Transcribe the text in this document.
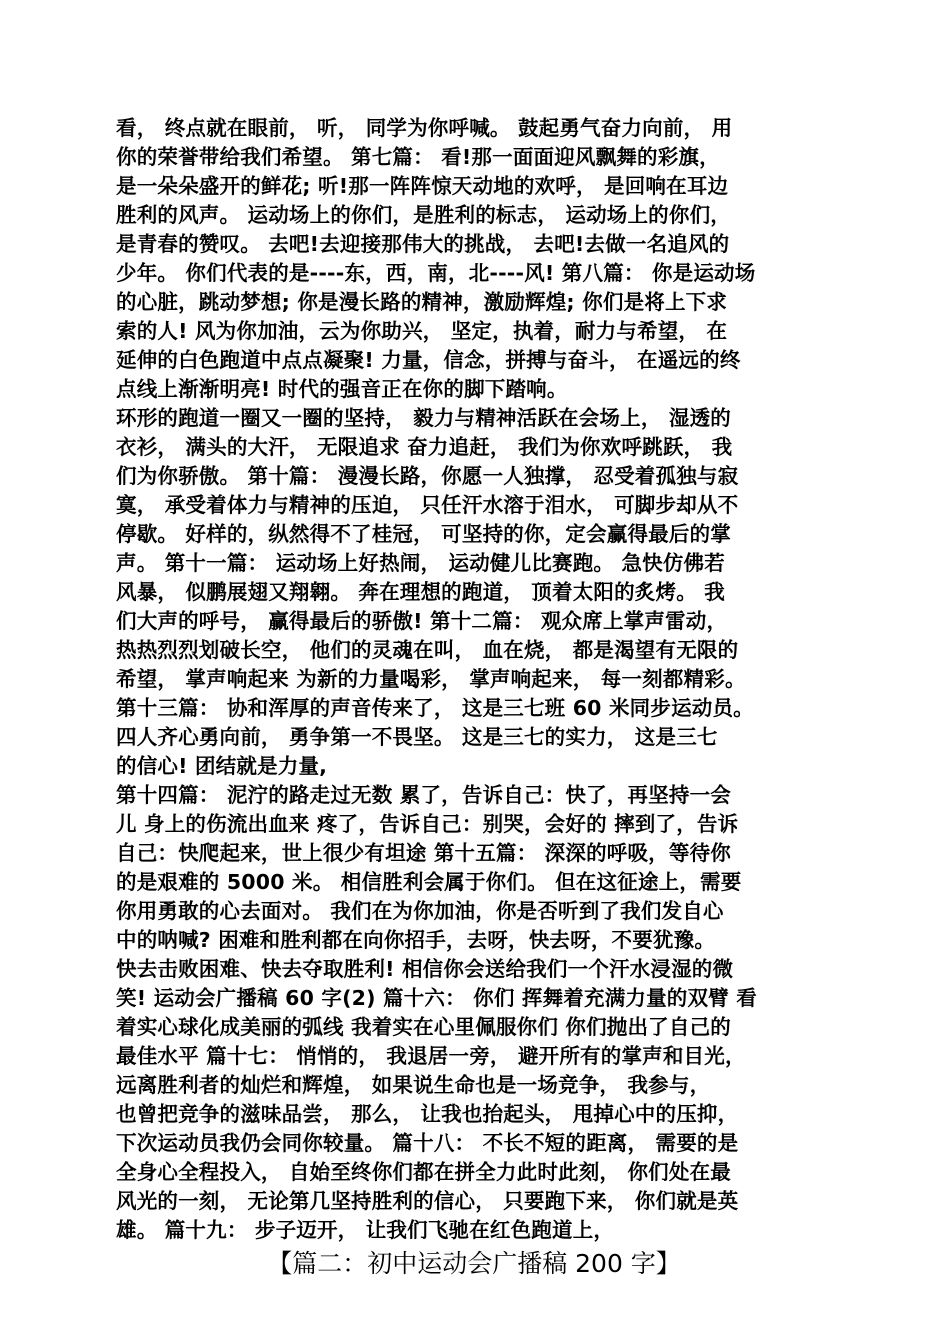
看， 终点就在眼前， 听， 同学为你呼喊。 鼓起勇气奋力向前， 用
你的荣誉带给我们希望。 第七篇： 看!那一面面迎风飘舞的彩旗，
是一朵朵盛开的鲜花; 听!那一阵阵惊天动地的欢呼， 是回响在耳边
胜利的风声。 运动场上的你们，是胜利的标志， 运动场上的你们，
是青春的赞叹。 去吧!去迎接那伟大的挑战， 去吧!去做一名追风的
少年。 你们代表的是----东，西，南，北----风! 第八篇： 你是运动场
的心脏，跳动梦想; 你是漫长路的精神，激励辉煌; 你们是将上下求
索的人! 风为你加油，云为你助兴， 坚定，执着，耐力与希望， 在
延伸的白色跑道中点点凝聚! 力量，信念，拼搏与奋斗， 在遥远的终
点线上渐渐明亮! 时代的强音正在你的脚下踏响。
环形的跑道一圈又一圈的坚持， 毅力与精神活跃在会场上， 湿透的
衣衫， 满头的大汗， 无限追求 奋力追赶， 我们为你欢呼跳跃， 我
们为你骄傲。 第十篇： 漫漫长路，你愿一人独撑， 忍受着孤独与寂
寞， 承受着体力与精神的压迫， 只任汗水溶于泪水， 可脚步却从不
停歇。 好样的，纵然得不了桂冠， 可坚持的你，定会赢得最后的掌
声。 第十一篇： 运动场上好热闹， 运动健儿比赛跑。 急快仿佛若
风暴， 似鹏展翅又翔翱。 奔在理想的跑道， 顶着太阳的炙烤。 我
们大声的呼号， 赢得最后的骄傲! 第十二篇： 观众席上掌声雷动，
热热烈烈划破长空， 他们的灵魂在叫， 血在烧， 都是渴望有无限的
希望， 掌声响起来 为新的力量喝彩， 掌声响起来， 每一刻都精彩。
第十三篇： 协和浑厚的声音传来了， 这是三七班 60 米同步运动员。
四人齐心勇向前， 勇争第一不畏坚。 这是三七的实力， 这是三七
的信心! 团结就是力量,
第十四篇： 泥泞的路走过无数 累了，告诉自己：快了，再坚持一会
儿 身上的伤流出血来 疼了，告诉自己：别哭，会好的 摔到了，告诉
自己：快爬起来，世上很少有坦途 第十五篇： 深深的呼吸，等待你
的是艰难的 5000 米。 相信胜利会属于你们。 但在这征途上，需要
你用勇敢的心去面对。 我们在为你加油，你是否听到了我们发自心
中的呐喊? 困难和胜利都在向你招手，去呀，快去呀，不要犹豫。
快去击败困难、快去夺取胜利! 相信你会送给我们一个汗水浸湿的微
笑! 运动会广播稿 60 字(2) 篇十六： 你们 挥舞着充满力量的双臂 看
着实心球化成美丽的弧线 我着实在心里佩服你们 你们抛出了自己的
最佳水平 篇十七： 悄悄的， 我退居一旁， 避开所有的掌声和目光，
远离胜利者的灿烂和辉煌， 如果说生命也是一场竞争， 我参与，
也曾把竞争的滋味品尝， 那么， 让我也抬起头， 甩掉心中的压抑，
下次运动员我仍会同你较量。 篇十八： 不长不短的距离， 需要的是
全身心全程投入， 自始至终你们都在拼全力此时此刻， 你们处在最
风光的一刻， 无论第几坚持胜利的信心， 只要跑下来， 你们就是英
雄。 篇十九： 步子迈开， 让我们飞驰在红色跑道上，
【篇二：初中运动会广播稿 200 字】
